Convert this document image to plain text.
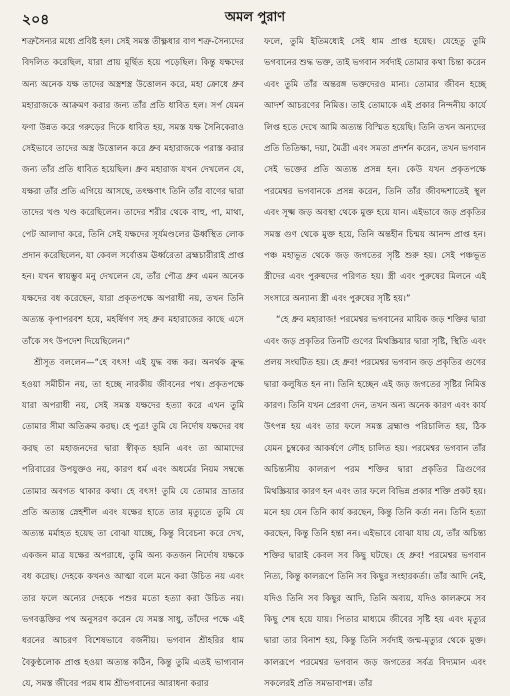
২০৪	অমল পুরাণ

শত্রুসৈন্যর মধ্যে প্রবিষ্ট হল। সেই সমস্ত তীক্ষ্ণধার বাণ শত্রু-সৈন্যদের বিদলিত করেছিল, যারা প্রায় মূর্ছিত হয়ে পড়েছিল। কিন্তু যক্ষদের অন্য অনেক যক্ষ তাদের অস্ত্রশস্ত্র উত্তোলন করে, মহা ক্রোধে ধ্রুব মহারাজকে আক্রমণ করার জন্য তাঁর প্রতি ধাবিত হল। সর্প যেমন ফণা উন্নত করে গরুড়ের দিকে ধাবিত হয়, সমস্ত যক্ষ সৈনিকেরাও সেইভাবে তাদের অস্ত্র উত্তোলন করে ধ্রুব মহারাজকে পরাস্ত করার জন্য তাঁর প্রতি ধাবিত হয়েছিল। ধ্রুব মহারাজ যখন দেখলেন যে, যক্ষরা তাঁর প্রতি এগিয়ে আসছে, তৎক্ষণাৎ তিনি তাঁর বাণের দ্বারা তাদের খণ্ড খণ্ড করেছিলেন। তাদের শরীর থেকে বাহু, পা, মাথা, পেট আলাদা করে, তিনি সেই যক্ষদের সূর্যমণ্ডলের ঊর্ধ্বস্থিত লোক প্রদান করেছিলেন, যা কেবল সর্বোত্তম ঊর্ধ্বরেতা ব্রহ্মচারীরাই প্রাপ্ত হন। যখন স্বায়ম্ভুব মনু দেখলেন যে, তাঁর পৌত্র ধ্রুব এমন অনেক যক্ষদের বধ করেছেন, যারা প্রকৃতপক্ষে অপরাধী নয়, তখন তিনি অত্যন্ত কৃপাপরবশ হয়ে, মহর্ষিগণ সহ ধ্রুব মহারাজের কাছে এসে তাঁকে সৎ উপদেশ দিয়েছিলেন।”

শ্রীসূত বললেন—“হে বৎস! এই যুদ্ধ বন্ধ কর। অনর্থক ক্রুদ্ধ হওয়া সমীচীন নয়, তা হচ্ছে নারকীয় জীবনের পথ। প্রকৃতপক্ষে যারা অপরাধী নয়, সেই সমস্ত যক্ষদের হত্যা করে এখন তুমি তোমার সীমা অতিক্রম করছ। হে পুত্র! তুমি যে নির্দোষ যক্ষদের বধ করছ তা মহাজনদের দ্বারা স্বীকৃত হয়নি এবং তা আমাদের পরিবারের উপযুক্তও নয়, কারণ ধর্ম এবং অধর্মের নিয়ম সম্বন্ধে তোমার অবগত থাকার কথা। হে বৎস! তুমি যে তোমার ভ্রাতার প্রতি অত্যন্ত স্নেহশীল এবং যক্ষের হাতে তার মৃত্যুতে তুমি যে অত্যন্ত মর্মাহত হয়েছ তা বোঝা যাচ্ছে, কিন্তু বিবেচনা করে দেখ, একজন মাত্র যক্ষের অপরাধে, তুমি অন্য কতজন নির্দোষ যক্ষকে বধ করেছ। দেহকে কখনও আত্মা বলে মনে করা উচিত নয় এবং তার ফলে অন্যের দেহকে পশুর মতো হত্যা করা উচিত নয়। ভগবদ্ভক্তির পথ অনুসরণ করেন যে সমস্ত সাধু, তাঁদের পক্ষে এই ধরনের আচরণ বিশেষভাবে বর্জনীয়। ভগবান শ্রীহরির ধাম বৈকুণ্ঠলোক প্রাপ্ত হওয়া অত্যন্ত কঠিন, কিন্তু তুমি এতই ভাগ্যবান যে, সমস্ত জীবের পরম ধাম শ্রীভগবানের আরাধনা করার

ফলে, তুমি ইতিমধ্যেই সেই ধাম প্রাপ্ত হয়েছ। যেহেতু তুমি ভগবানের শুদ্ধ ভক্ত, তাই ভগবান সর্বদাই তোমার কথা চিন্তা করেন এবং তুমি তাঁর অন্তরঙ্গ ভক্তদেরও মান্য। তোমার জীবন হচ্ছে আদর্শ আচরণের নিমিত্ত। তাই তোমাকে এই প্রকার নিন্দনীয় কার্যে লিপ্ত হতে দেখে আমি অত্যন্ত বিস্মিত হয়েছি। তিনি তখন অন্যদের প্রতি তিতিক্ষা, দয়া, মৈত্রী এবং সমতা প্রদর্শন করেন, তখন ভগবান সেই ভক্তের প্রতি অত্যন্ত প্রসন্ন হন। কেউ যখন প্রকৃতপক্ষে পরমেশ্বর ভগবানকে প্রসন্ন করেন, তিনি তাঁর জীবদ্দশাতেই স্থূল এবং সূক্ষ্ম জড় অবস্থা থেকে মুক্ত হয়ে যান। এইভাবে জড় প্রকৃতির সমস্ত গুণ থেকে মুক্ত হয়ে, তিনি অন্তহীন চিন্ময় আনন্দ প্রাপ্ত হন। পঞ্চ মহাভূত থেকে জড় জগতের সৃষ্টি শুরু হয়। সেই পঞ্চভূত স্ত্রীদের এবং পুরুষদের পরিণত হয়। স্ত্রী এবং পুরুষের মিলনে এই সংসারে অন্যান্য স্ত্রী এবং পুরুষের সৃষ্টি হয়।”

“হে ধ্রুব মহারাজ! পরমেশ্বর ভগবানের মায়িক জড় শক্তির দ্বারা এবং জড় প্রকৃতির তিনটি গুণের মিথস্ক্রিয়ার দ্বারা সৃষ্টি, স্থিতি এবং প্রলয় সংঘটিত হয়। হে ধ্রুব! পরমেশ্বর ভগবান জড় প্রকৃতির গুণের দ্বারা কলুষিত হন না। তিনি হচ্ছেন এই জড় জগতের সৃষ্টির নিমিত্ত কারণ। তিনি যখন প্রেরণা দেন, তখন অন্য অনেক কারণ এবং কার্য উৎপন্ন হয় এবং তার ফলে সমস্ত ব্রহ্মাণ্ড পরিচালিত হয়, ঠিক যেমন চুম্বকের আকর্ষণে লৌহ চালিত হয়। পরমেশ্বর ভগবান তাঁর অচিন্ত্যনীয় কালরূপ পরম শক্তির দ্বারা প্রকৃতির ত্রিগুণের মিথস্ক্রিয়ার কারণ হন এবং তার ফলে বিভিন্ন প্রকার শক্তি প্রকট হয়। মনে হয় যেন তিনি কার্য করছেন, কিন্তু তিনি কর্তা নন। তিনি হত্যা করছেন, কিন্তু তিনি হন্তা নন। এইভাবে বোঝা যায় যে, তাঁর অচিন্ত্য শক্তির দ্বারাই কেবল সব কিছু ঘটছে। হে ধ্রুব! পরমেশ্বর ভগবান নিত্য, কিন্তু কালরূপে তিনি সব কিছুর সংহারকর্তা। তাঁর আদি নেই, যদিও তিনি সব কিছুর আদি, তিনি অব্যয়, যদিও কালক্রমে সব কিছু শেষ হয়ে যায়। পিতার মাধ্যমে জীবের সৃষ্টি হয় এবং মৃত্যুর দ্বারা তার বিনাশ হয়, কিন্তু তিনি সর্বদাই জন্ম-মৃত্যুর থেকে মুক্ত। কালরূপে পরমেশ্বর ভগবান জড় জগতের সর্বত্র বিদ্যমান এবং সকলেরই প্রতি সমভাবাপন্ন। তাঁর
